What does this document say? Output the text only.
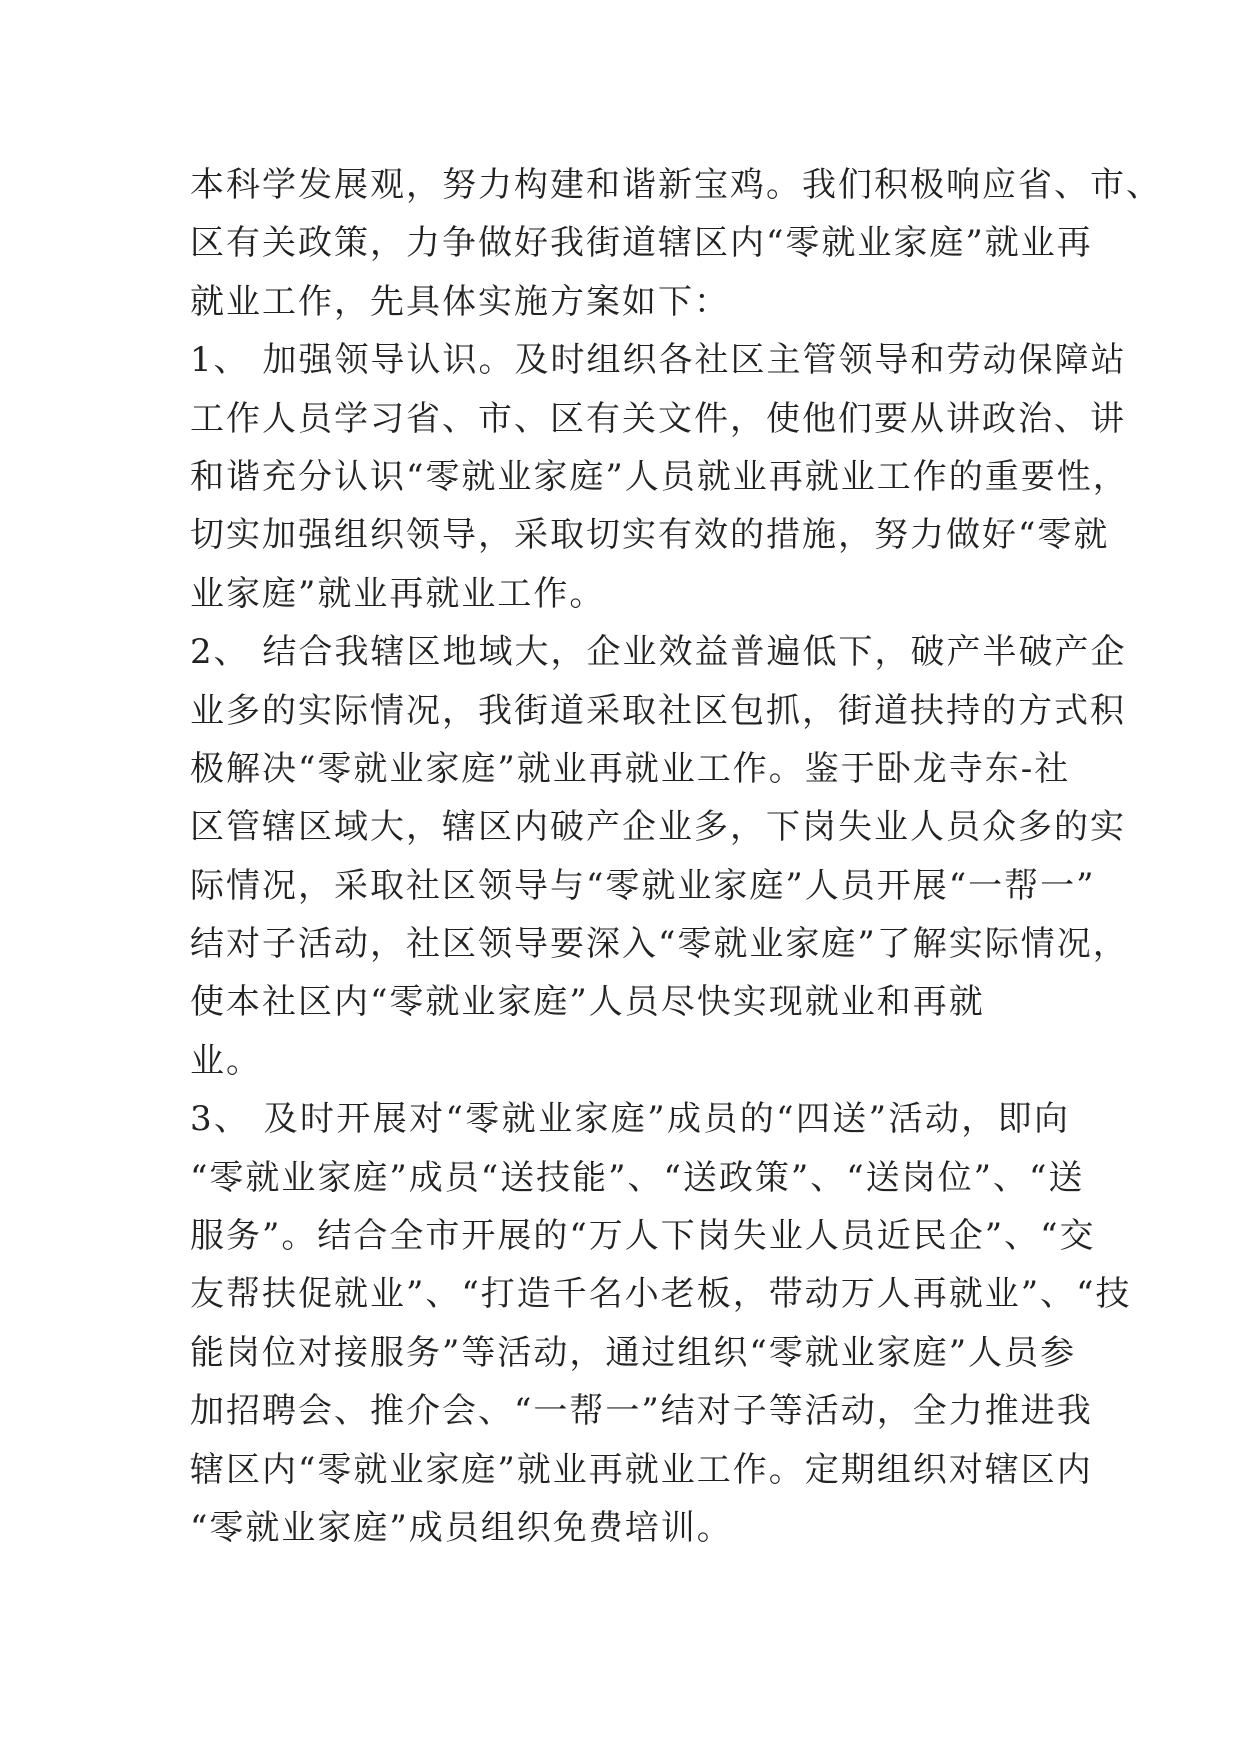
本科学发展观，努力构建和谐新宝鸡。我们积极响应省、市、
区有关政策，力争做好我街道辖区内“零就业家庭”就业再
就业工作，先具体实施方案如下：
1、 加强领导认识。及时组织各社区主管领导和劳动保障站
工作人员学习省、市、区有关文件，使他们要从讲政治、讲
和谐充分认识“零就业家庭”人员就业再就业工作的重要性，
切实加强组织领导，采取切实有效的措施，努力做好“零就
业家庭”就业再就业工作。
2、 结合我辖区地域大，企业效益普遍低下，破产半破产企
业多的实际情况，我街道采取社区包抓，街道扶持的方式积
极解决“零就业家庭”就业再就业工作。鉴于卧龙寺东-社
区管辖区域大，辖区内破产企业多，下岗失业人员众多的实
际情况，采取社区领导与“零就业家庭”人员开展“一帮一”
结对子活动，社区领导要深入“零就业家庭”了解实际情况，
使本社区内“零就业家庭”人员尽快实现就业和再就
业。
3、 及时开展对“零就业家庭”成员的“四送”活动，即向
“零就业家庭”成员“送技能”、“送政策”、“送岗位”、“送
服务”。结合全市开展的“万人下岗失业人员近民企”、“交
友帮扶促就业”、“打造千名小老板，带动万人再就业”、“技
能岗位对接服务”等活动，通过组织“零就业家庭”人员参
加招聘会、推介会、“一帮一”结对子等活动，全力推进我
辖区内“零就业家庭”就业再就业工作。定期组织对辖区内
“零就业家庭”成员组织免费培训。
